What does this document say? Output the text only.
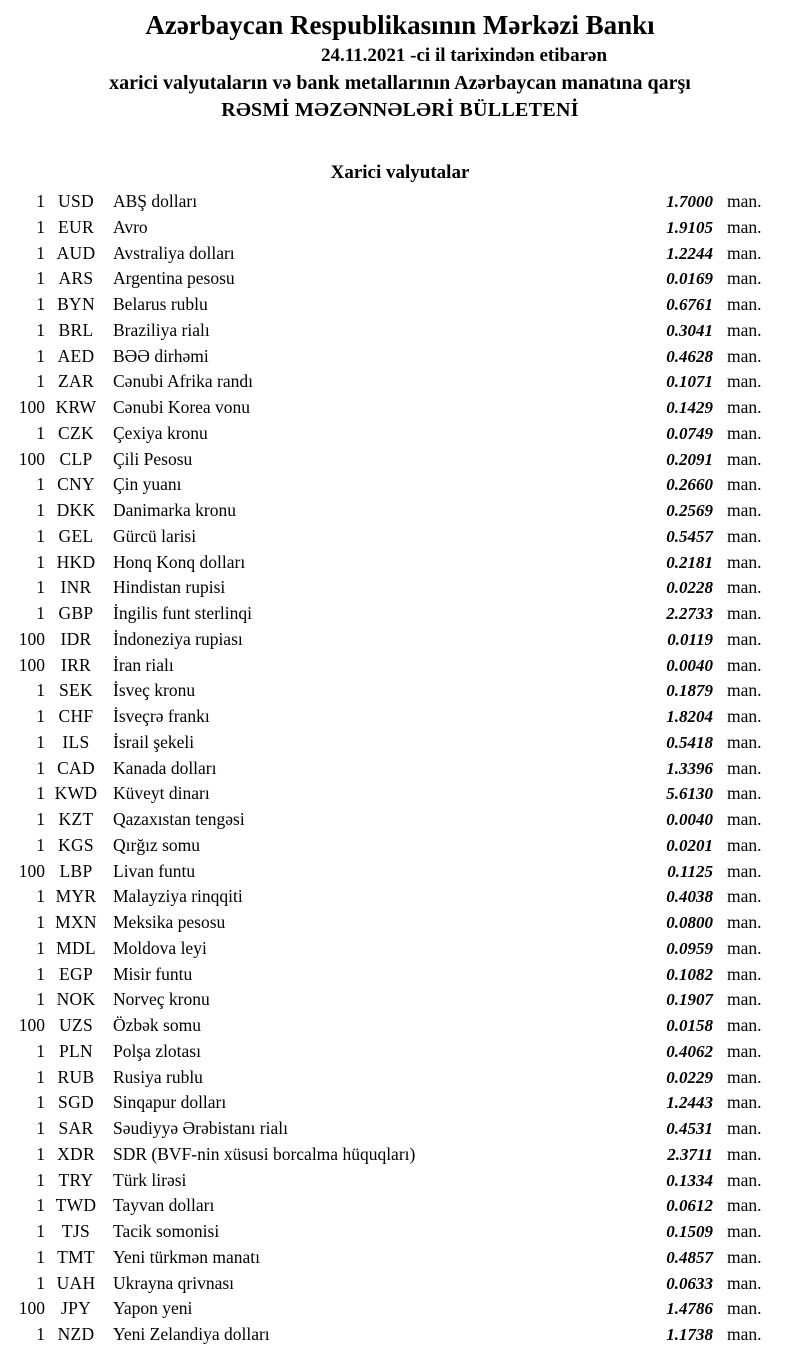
Azərbaycan Respublikasının Mərkəzi Bankı
24.11.2021 -ci il tarixindən etibarən
xarici valyutaların və bank metallarının Azərbaycan manatına qarşı
RƏSMİ MƏZƏNNƏLƏRİ BÜLLETENİ
Xarici valyutalar
1 USD	ABŞ dolları	1.7000 man.
1 EUR	Avro	1.9105 man.
1 AUD	Avstraliya dolları	1.2244 man.
1 ARS	Argentina pesosu	0.0169 man.
1 BYN	Belarus rublu	0.6761 man.
1 BRL	Braziliya rialı	0.3041 man.
1 AED	BƏƏ dirhəmi	0.4628 man.
1 ZAR	Cənubi Afrika randı	0.1071 man.
100 KRW Cənubi Korea vonu	0.1429 man.
1 CZK	Çexiya kronu	0.0749 man.
100 CLP	Çili Pesosu	0.2091 man.
1 CNY	Çin yuanı	0.2660 man.
1 DKK	Danimarka kronu	0.2569 man.
1 GEL	Gürcü larisi	0.5457 man.
1 HKD	Honq Konq dolları	0.2181 man.
1 INR	Hindistan rupisi	0.0228 man.
1 GBP	İngilis funt sterlinqi	2.2733 man.
100 IDR	İndoneziya rupiası	0.0119 man.
100 IRR	İran rialı	0.0040 man.
1 SEK	İsveç kronu	0.1879 man.
1 CHF	İsveçrə frankı	1.8204 man.
1 ILS	İsrail şekeli	0.5418 man.
1 CAD	Kanada dolları	1.3396 man.
1 KWD Küveyt dinarı	5.6130 man.
1 KZT	Qazaxıstan tengəsi	0.0040 man.
1 KGS	Qırğız somu	0.0201 man.
100 LBP	Livan funtu	0.1125 man.
1 MYR Malayziya rinqqiti	0.4038 man.
1 MXN Meksika pesosu	0.0800 man.
1 MDL Moldova leyi	0.0959 man.
1 EGP	Misir funtu	0.1082 man.
1 NOK	Norveç kronu	0.1907 man.
100 UZS	Özbək somu	0.0158 man.
1 PLN	Polşa zlotası	0.4062 man.
1 RUB	Rusiya rublu	0.0229 man.
1 SGD	Sinqapur dolları	1.2443 man.
1 SAR	Səudiyyə Ərəbistanı rialı	0.4531 man.
1 XDR	SDR (BVF-nin xüsusi borcalma hüquqları)	2.3711 man.
1 TRY	Türk lirəsi	0.1334 man.
1 TWD Tayvan dolları	0.0612 man.
1 TJS	Tacik somonisi	0.1509 man.
1 TMT	Yeni türkmən manatı	0.4857 man.
1 UAH	Ukrayna qrivnası	0.0633 man.
100 JPY	Yapon yeni	1.4786 man.
1 NZD	Yeni Zelandiya dolları	1.1738 man.
